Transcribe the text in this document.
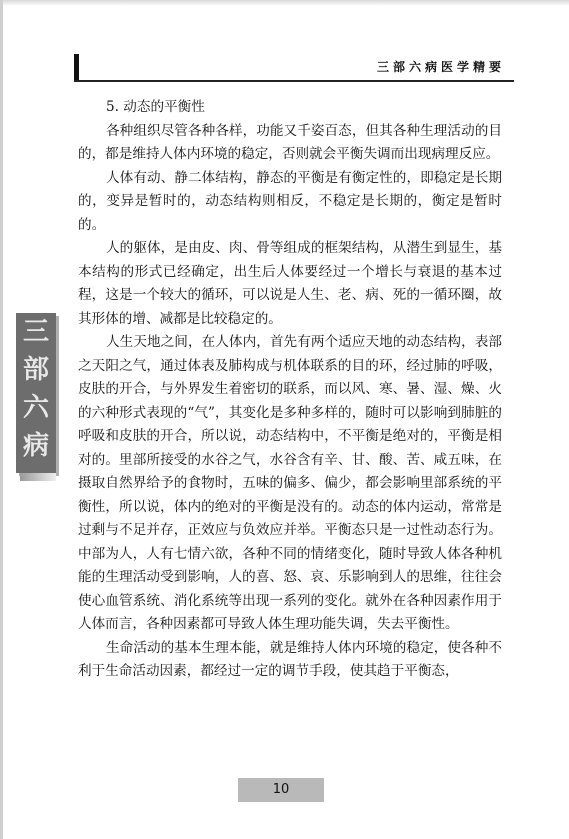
三部六病医学精要
三
部
六
病
5. 动态的平衡性

各种组织尽管各种各样，功能又千姿百态，但其各种生理活动的目的，都是维持人体内环境的稳定，否则就会平衡失调而出现病理反应。

人体有动、静二体结构，静态的平衡是有衡定性的，即稳定是长期的，变异是暂时的，动态结构则相反，不稳定是长期的，衡定是暂时的。

人的躯体，是由皮、肉、骨等组成的框架结构，从潜生到显生，基本结构的形式已经确定，出生后人体要经过一个增长与衰退的基本过程，这是一个较大的循环，可以说是人生、老、病、死的一循环圈，故其形体的增、减都是比较稳定的。

人生天地之间，在人体内，首先有两个适应天地的动态结构，表部之天阳之气，通过体表及肺构成与机体联系的目的环，经过肺的呼吸，皮肤的开合，与外界发生着密切的联系，而以风、寒、暑、湿、燥、火的六种形式表现的“气”，其变化是多种多样的，随时可以影响到肺脏的呼吸和皮肤的开合，所以说，动态结构中，不平衡是绝对的，平衡是相对的。里部所接受的水谷之气，水谷含有辛、甘、酸、苦、咸五味，在摄取自然界给予的食物时，五味的偏多、偏少，都会影响里部系统的平衡性，所以说，体内的绝对的平衡是没有的。动态的体内运动，常常是过剩与不足并存，正效应与负效应并举。平衡态只是一过性动态行为。中部为人，人有七情六欲，各种不同的情绪变化，随时导致人体各种机能的生理活动受到影响，人的喜、怒、哀、乐影响到人的思维，往往会使心血管系统、消化系统等出现一系列的变化。就外在各种因素作用于人体而言，各种因素都可导致人体生理功能失调，失去平衡性。

生命活动的基本生理本能，就是维持人体内环境的稳定，使各种不利于生命活动因素，都经过一定的调节手段，使其趋于平衡态，

10
